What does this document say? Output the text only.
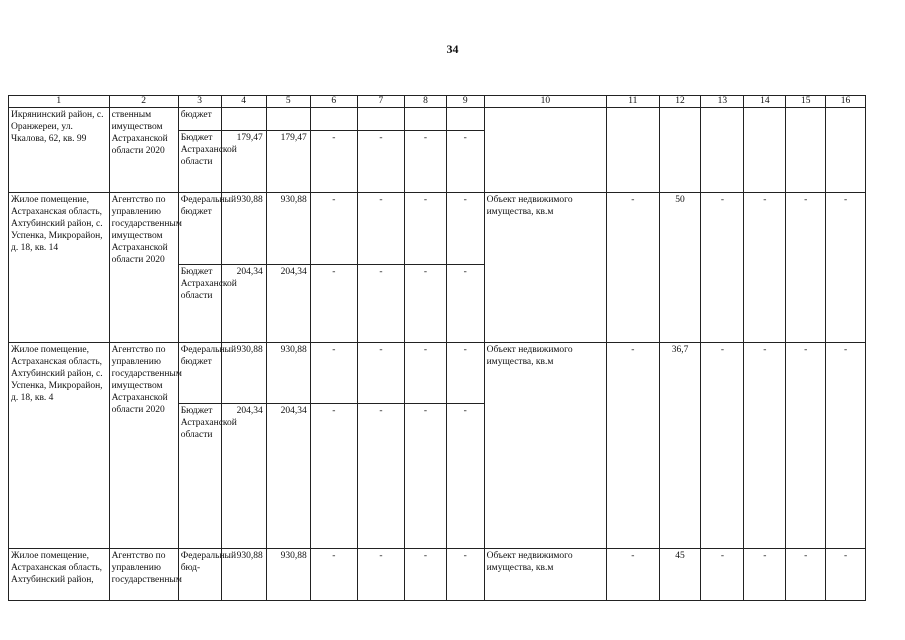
34
1	2	3	4	5	6	7	8	9	10	11	12	13	14	15	16
Икрянинский район, с. Оранжереи, ул. Чкалова, 62, кв. 99	ственным имуществом Астраханской области 2020	бюджет													
		Бюджет Астраханской области	179,47	179,47	-	-	-	-							
Жилое помещение, Астраханская область, Ахтубинский район, с. Успенка, Микрорайон, д. 18, кв. 14	Агентство по управлению государственным имуществом Астраханской области 2020	Федеральный бюджет	930,88	930,88	-	-	-	-	Объект недвижимого имущества, кв.м	-	50	-	-	-	-
		Бюджет Астраханской области	204,34	204,34	-	-	-	-							
Жилое помещение, Астраханская область, Ахтубинский район, с. Успенка, Микрорайон, д. 18, кв. 4	Агентство по управлению государственным имуществом Астраханской области 2020	Федеральный бюджет	930,88	930,88	-	-	-	-	Объект недвижимого имущества, кв.м	-	36,7	-	-	-	-
		Бюджет Астраханской области	204,34	204,34	-	-	-	-							
Жилое помещение, Астраханская область, Ахтубинский район,	Агентство по управлению государственным	Федеральный бюд-	930,88	930,88	-	-	-	-	Объект недвижимого имущества, кв.м	-	45	-	-	-	-
